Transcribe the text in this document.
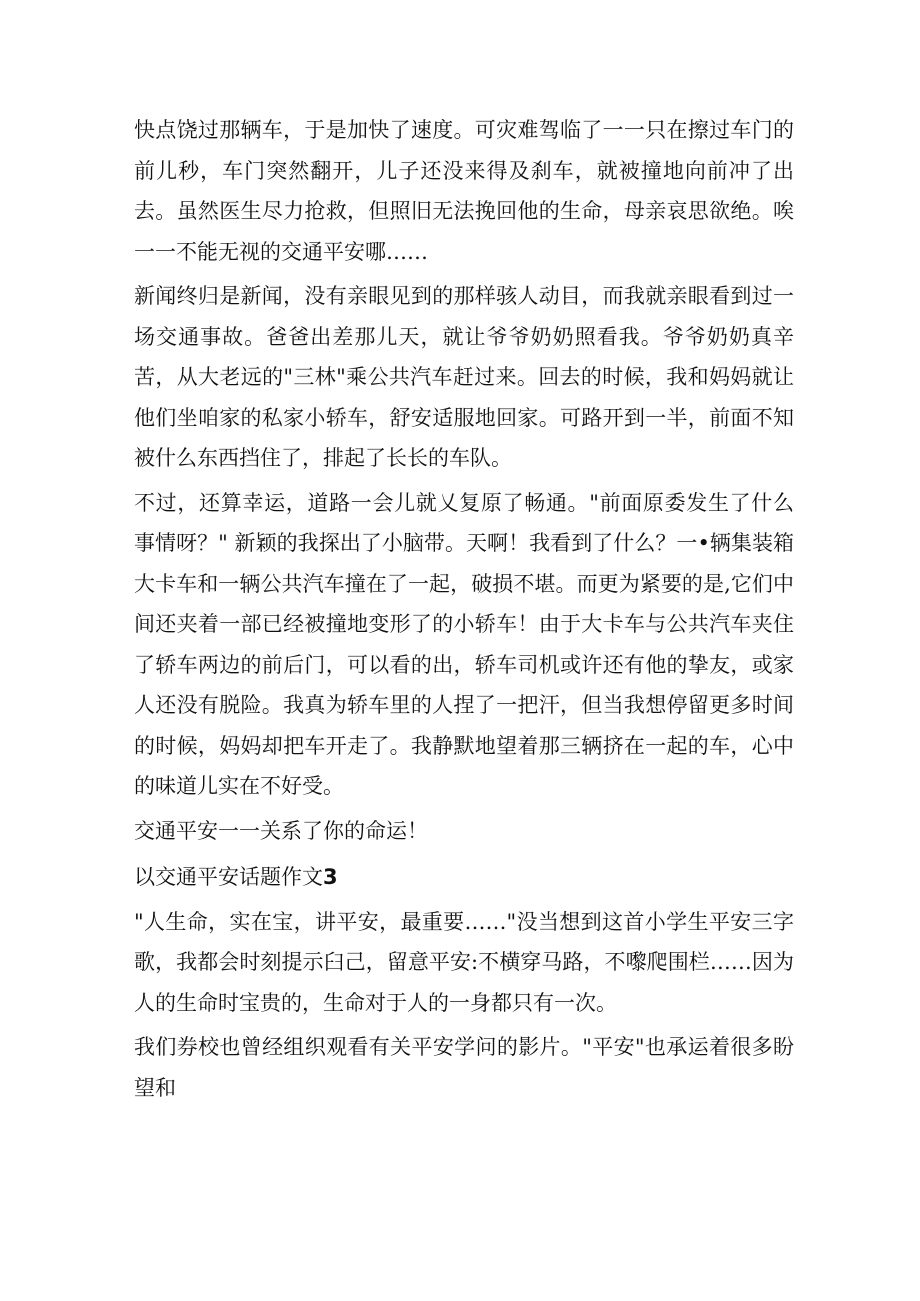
快点饶过那辆车，于是加快了速度。可灾难驾临了一一只在擦过车门的前儿秒，车门突然翻开，儿子还没来得及刹车，就被撞地向前冲了出去。虽然医生尽力抢救，但照旧无法挽回他的生命，母亲哀思欲绝。唉一一不能无视的交通平安哪……

新闻终归是新闻，没有亲眼见到的那样骇人动目，而我就亲眼看到过一场交通事故。爸爸出差那儿天，就让爷爷奶奶照看我。爷爷奶奶真辛苦，从大老远的"三林"乘公共汽车赶过来。回去的时候，我和妈妈就让他们坐咱家的私家小轿车，舒安适服地回家。可路开到一半，前面不知被什么东西挡住了，排起了长长的车队。

不过，还算幸运，道路一会儿就乂复原了畅通。"前面原委发生了什么事情呀？" 新颖的我探出了小脑带。天啊！我看到了什么？一•辆集装箱大卡车和一辆公共汽车撞在了一起，破损不堪。而更为紧要的是,它们中间还夹着一部已经被撞地变形了的小轿车！由于大卡车与公共汽车夹住了轿车两边的前后门，可以看的出，轿车司机或许还有他的挚友，或家人还没有脱险。我真为轿车里的人捏了一把汗，但当我想停留更多时间的时候，妈妈却把车开走了。我静默地望着那三辆挤在一起的车，心中的味道儿实在不好受。

交通平安一一关系了你的命运！

以交通平安话题作文3

"人生命，实在宝，讲平安，最重要……"没当想到这首小学生平安三字歌，我都会时刻提示臼己，留意平安:不横穿马路，不嚟爬围栏……因为人的生命时宝贵的，生命对于人的一身都只有一次。

我们券校也曾经组织观看有关平安学问的影片。"平安"也承运着很多盼望和
